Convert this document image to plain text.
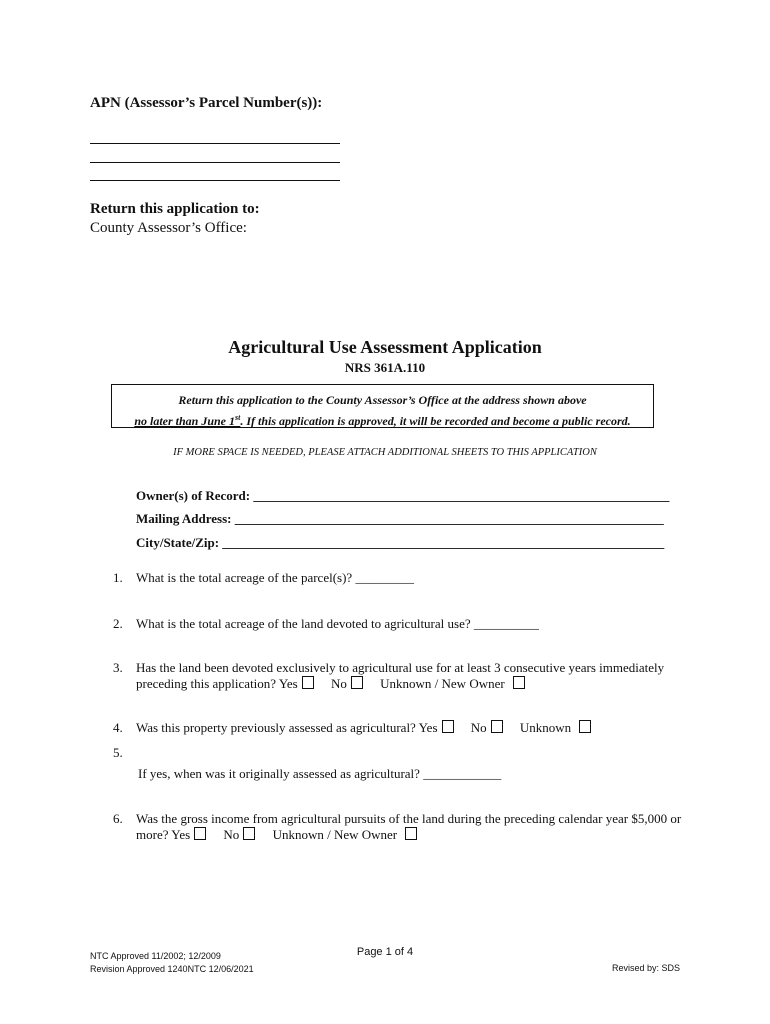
APN (Assessor’s Parcel Number(s)):
Return this application to:
County Assessor’s Office:
Agricultural Use Assessment Application
NRS 361A.110
Return this application to the County Assessor’s Office at the address shown above
no later than June 1st. If this application is approved, it will be recorded and become a public record.
IF MORE SPACE IS NEEDED, PLEASE ATTACH ADDITIONAL SHEETS TO THIS APPLICATION
Owner(s) of Record: ________________________________________________________________
Mailing Address: __________________________________________________________________
City/State/Zip: ____________________________________________________________________
1. What is the total acreage of the parcel(s)? _________
2. What is the total acreage of the land devoted to agricultural use? __________
3. Has the land been devoted exclusively to agricultural use for at least 3 consecutive years immediately
preceding this application? Yes	No	Unknown / New Owner
4. Was this property previously assessed as agricultural? Yes	No	Unknown
5.
If yes, when was it originally assessed as agricultural? ____________
6. Was the gross income from agricultural pursuits of the land during the preceding calendar year $5,000 or
more? Yes	No	Unknown / New Owner
NTC Approved 11/2002; 12/2009
Revision Approved 1240NTC 12/06/2021
Page 1 of 4
Revised by: SDS
